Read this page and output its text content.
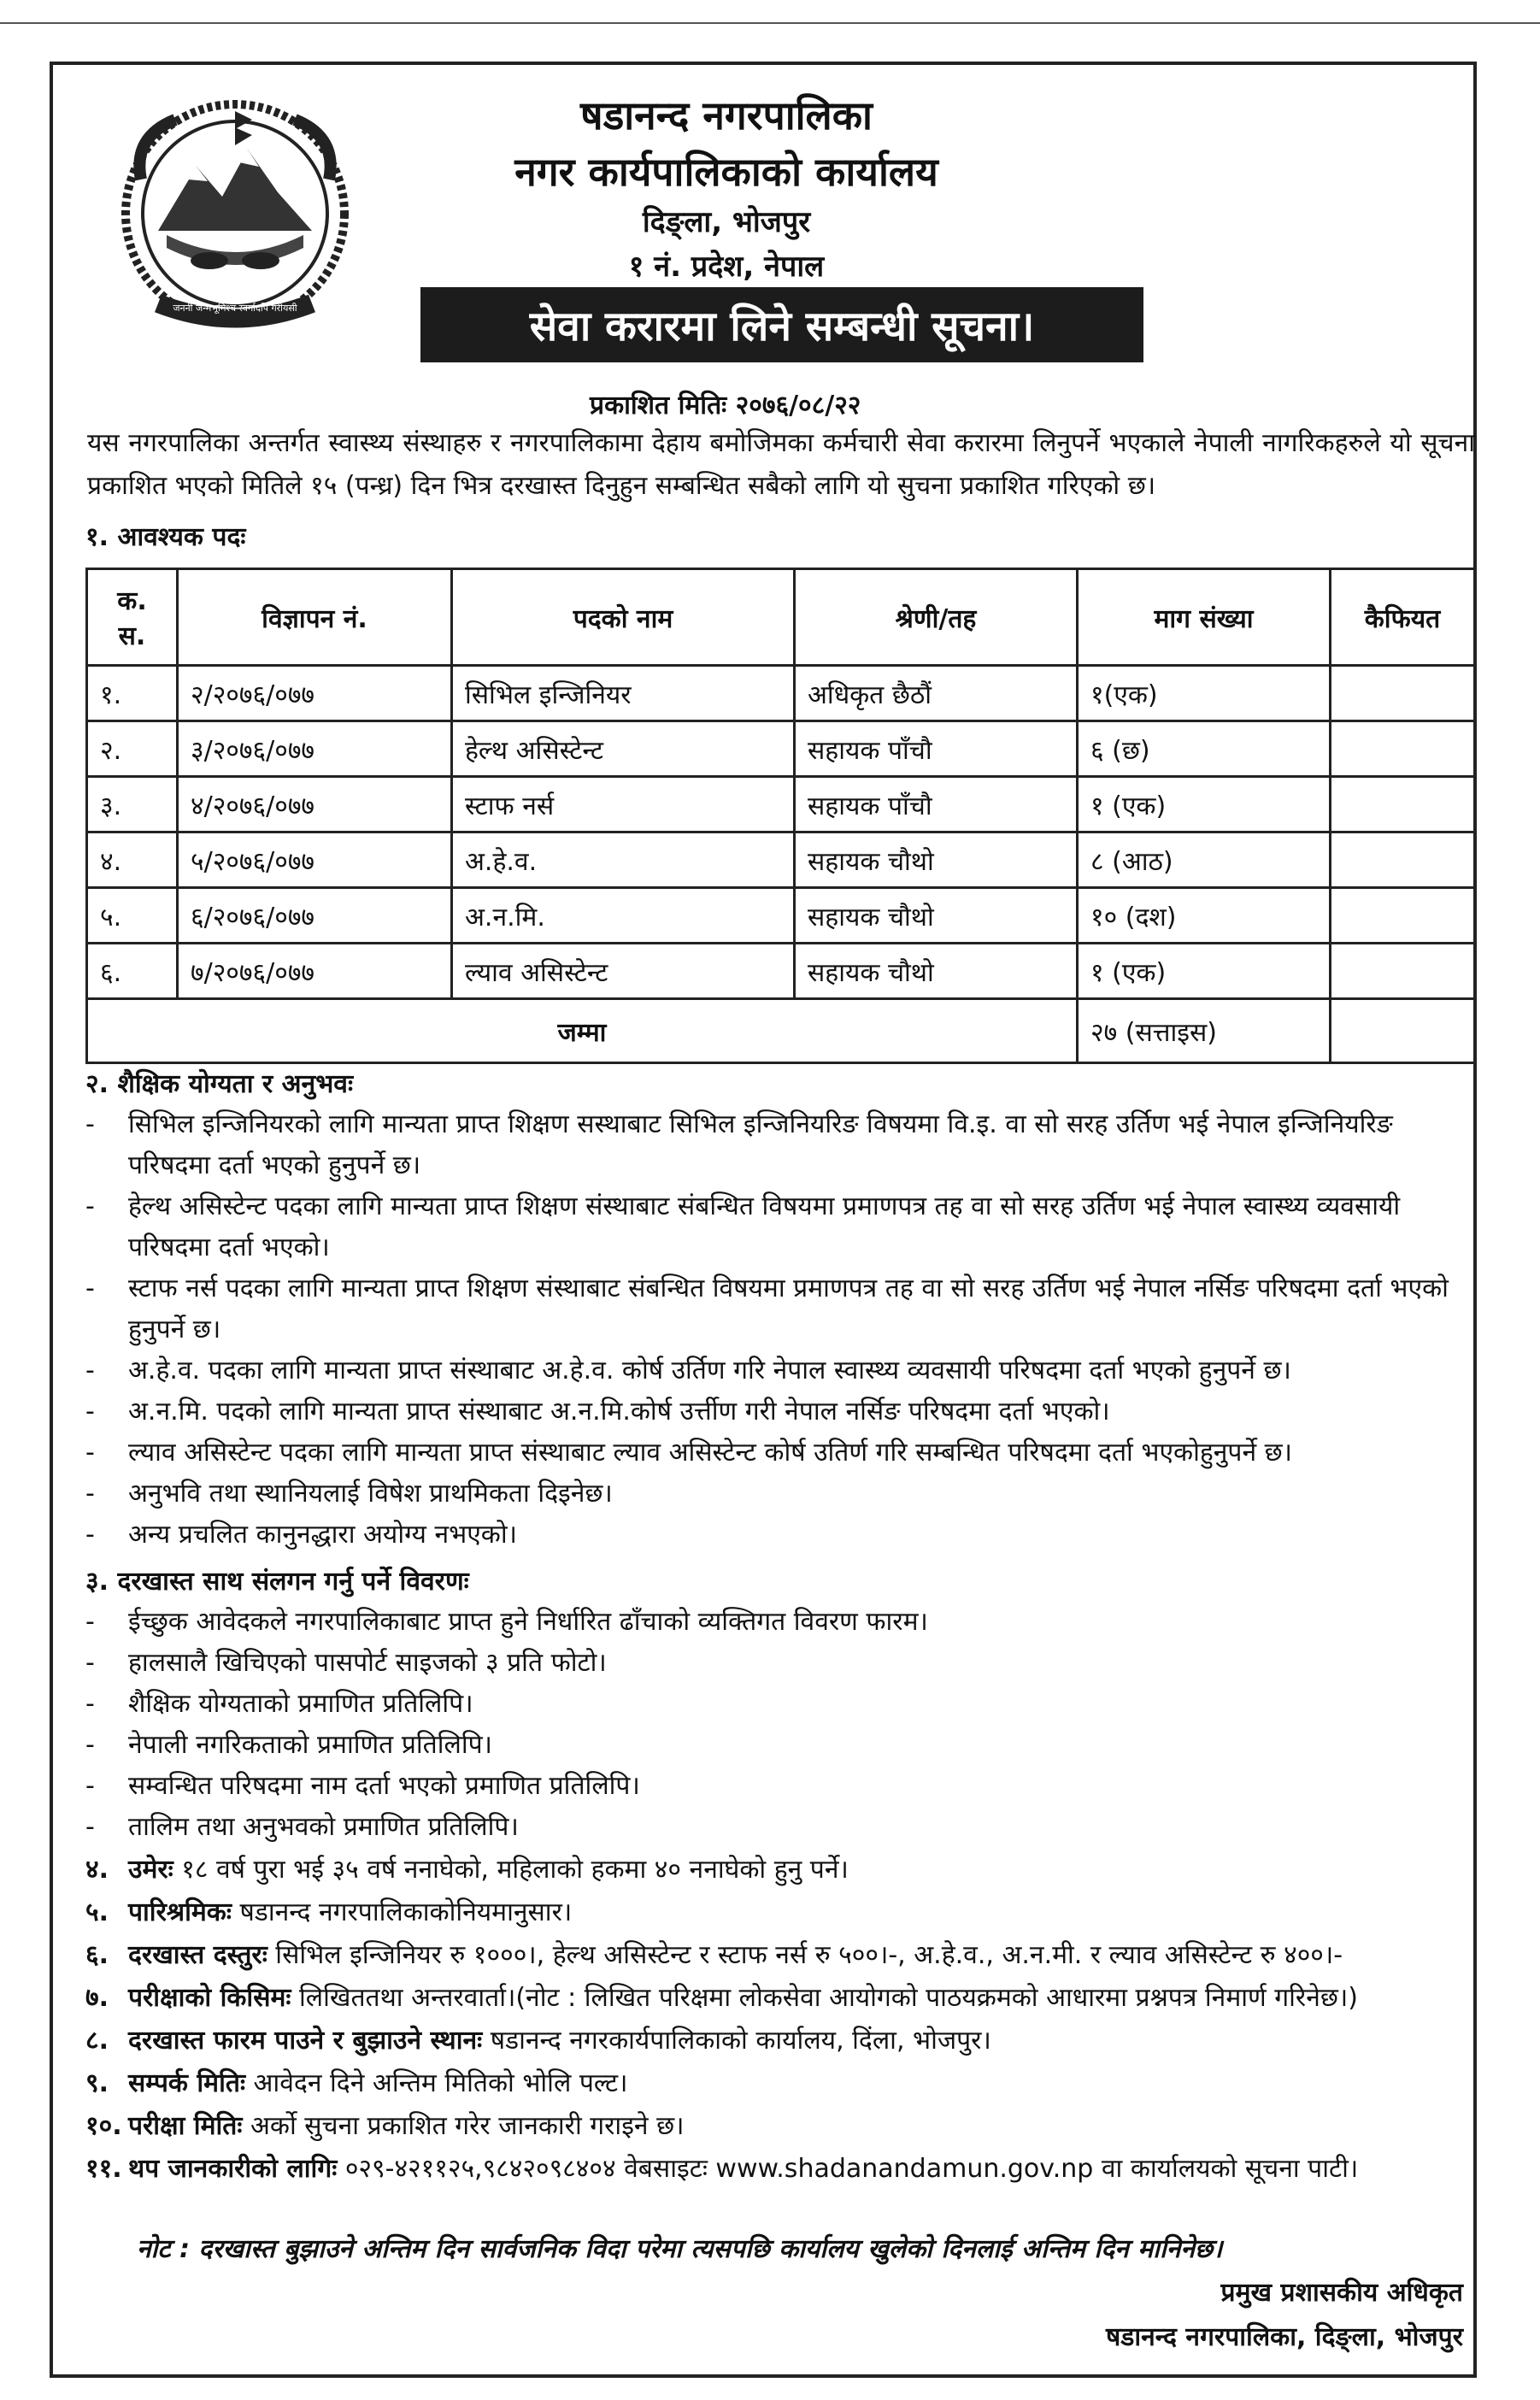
जननी जन्मभूमिश्च स्वर्गादपि गरीयसी
षडानन्द नगरपालिका
नगर कार्यपालिकाको कार्यालय
दिङ्ला, भोजपुर
१ नं. प्रदेश, नेपाल
सेवा करारमा लिने सम्बन्धी सूचना।
प्रकाशित मितिः २०७६/०८/२२
यस नगरपालिका अन्तर्गत स्वास्थ्य संस्थाहरु र नगरपालिकामा देहाय बमोजिमका कर्मचारी सेवा करारमा लिनुपर्ने भएकाले नेपाली नागरिकहरुले यो सूचना प्रकाशित भएको मितिले १५ (पन्ध्र) दिन भित्र दरखास्त दिनुहुन सम्बन्धित सबैको लागि यो सुचना प्रकाशित गरिएको छ।
१. आवश्यक पदः
क. स.	विज्ञापन नं.	पदको नाम	श्रेणी/तह	माग संख्या	कैफियत
१.	२/२०७६/०७७	सिभिल इन्जिनियर	अधिकृत छैठौं	१(एक)	
२.	३/२०७६/०७७	हेल्थ असिस्टेन्ट	सहायक पाँचौ	६ (छ)	
३.	४/२०७६/०७७	स्टाफ नर्स	सहायक पाँचौ	१ (एक)	
४.	५/२०७६/०७७	अ.हे.व.	सहायक चौथो	८ (आठ)	
५.	६/२०७६/०७७	अ.न.मि.	सहायक चौथो	१० (दश)	
६.	७/२०७६/०७७	ल्याव असिस्टेन्ट	सहायक चौथो	१ (एक)	
जम्मा				२७ (सत्ताइस)	
२. शैक्षिक योग्यता र अनुभवः
-	सिभिल इन्जिनियरको लागि मान्यता प्राप्त शिक्षण सस्थाबाट सिभिल इन्जिनियरिङ विषयमा वि.इ. वा सो सरह उर्तिण भई नेपाल इन्जिनियरिङ परिषदमा दर्ता भएको हुनुपर्ने छ।
-	हेल्थ असिस्टेन्ट पदका लागि मान्यता प्राप्त शिक्षण संस्थाबाट संबन्धित विषयमा प्रमाणपत्र तह वा सो सरह उर्तिण भई नेपाल स्वास्थ्य व्यवसायी परिषदमा दर्ता भएको।
-	स्टाफ नर्स पदका लागि मान्यता प्राप्त शिक्षण संस्थाबाट संबन्धित विषयमा प्रमाणपत्र तह वा सो सरह उर्तिण भई नेपाल नर्सिङ परिषदमा दर्ता भएको हुनुपर्ने छ।
-	अ.हे.व. पदका लागि मान्यता प्राप्त संस्थाबाट अ.हे.व. कोर्ष उर्तिण गरि नेपाल स्वास्थ्य व्यवसायी परिषदमा दर्ता भएको हुनुपर्ने छ।
-	अ.न.मि. पदको लागि मान्यता प्राप्त संस्थाबाट अ.न.मि.कोर्ष उर्त्तीण गरी नेपाल नर्सिङ परिषदमा दर्ता भएको।
-	ल्याव असिस्टेन्ट पदका लागि मान्यता प्राप्त संस्थाबाट ल्याव असिस्टेन्ट कोर्ष उतिर्ण गरि सम्बन्धित परिषदमा दर्ता भएकोहुनुपर्ने छ।
-	अनुभवि तथा स्थानियलाई विषेश प्राथमिकता दिइनेछ।
-	अन्य प्रचलित कानुनद्धारा अयोग्य नभएको।
३. दरखास्त साथ संलगन गर्नु पर्ने विवरणः
-	ईच्छुक आवेदकले नगरपालिकाबाट प्राप्त हुने निर्धारित ढाँचाको व्यक्तिगत विवरण फारम।
-	हालसालै खिचिएको पासपोर्ट साइजको ३ प्रति फोटो।
-	शैक्षिक योग्यताको प्रमाणित प्रतिलिपि।
-	नेपाली नगरिकताको प्रमाणित प्रतिलिपि।
-	सम्वन्धित परिषदमा नाम दर्ता भएको प्रमाणित प्रतिलिपि।
-	तालिम तथा अनुभवको प्रमाणित प्रतिलिपि।
४. उमेरः १८ वर्ष पुरा भई ३५ वर्ष ननाघेको, महिलाको हकमा ४० ननाघेको हुनु पर्ने।
५. पारिश्रमिकः षडानन्द नगरपालिकाकोनियमानुसार।
६. दरखास्त दस्तुरः सिभिल इन्जिनियर रु १०००।, हेल्थ असिस्टेन्ट र स्टाफ नर्स रु ५००।-, अ.हे.व., अ.न.मी. र ल्याव असिस्टेन्ट रु ४००।-
७. परीक्षाको किसिमः लिखिततथा अन्तरवार्ता।(नोट : लिखित परिक्षमा लोकसेवा आयोगको पाठयक्रमको आधारमा प्रश्नपत्र निमार्ण गरिनेछ।)
८. दरखास्त फारम पाउने र बुझाउने स्थानः षडानन्द नगरकार्यपालिकाको कार्यालय, दिंला, भोजपुर।
९. सम्पर्क मितिः आवेदन दिने अन्तिम मितिको भोलि पल्ट।
१०. परीक्षा मितिः अर्को सुचना प्रकाशित गरेर जानकारी गराइने छ।
११. थप जानकारीको लागिः ०२९-४२११२५,९८४२०९८४०४ वेबसाइटः www.shadanandamun.gov.np वा कार्यालयको सूचना पाटी।
नोट : दरखास्त बुझाउने अन्तिम दिन सार्वजनिक विदा परेमा त्यसपछि कार्यालय खुलेको दिनलाई अन्तिम दिन मानिनेछ।
प्रमुख प्रशासकीय अधिकृत
षडानन्द नगरपालिका, दिङ्ला, भोजपुर
